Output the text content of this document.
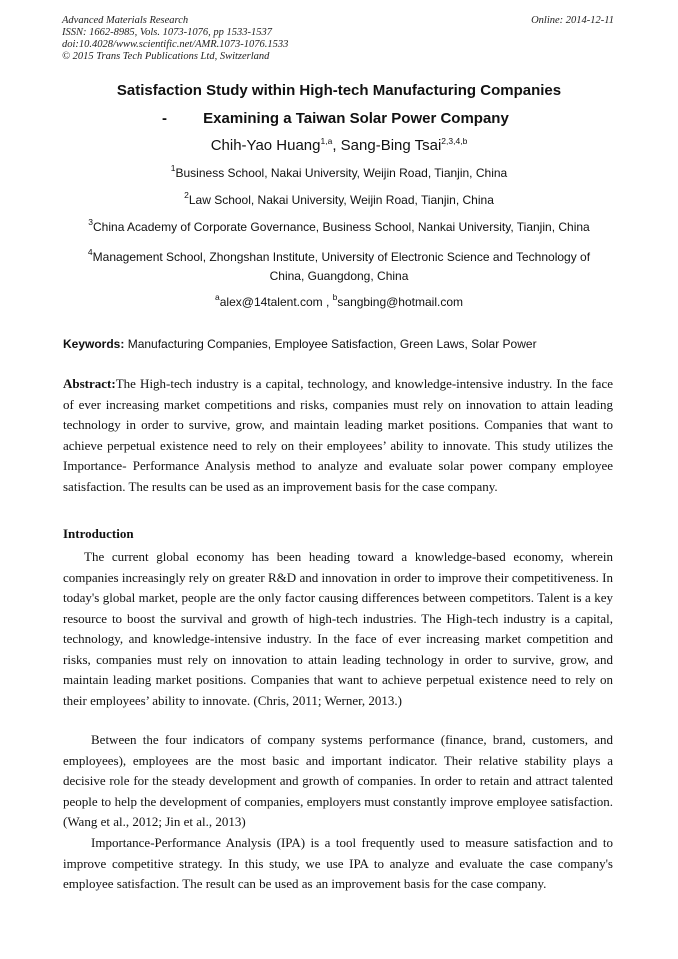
Advanced Materials Research
ISSN: 1662-8985, Vols. 1073-1076, pp 1533-1537
doi:10.4028/www.scientific.net/AMR.1073-1076.1533
© 2015 Trans Tech Publications Ltd, Switzerland
Online: 2014-12-11
Satisfaction Study within High-tech Manufacturing Companies
- Examining a Taiwan Solar Power Company
Chih-Yao Huang$^{1,a}$, Sang-Bing Tsai$^{2,3,4,b}$
$^1$Business School, Nakai University, Weijin Road, Tianjin, China
$^2$Law School, Nakai University, Weijin Road, Tianjin, China
$^3$China Academy of Corporate Governance, Business School, Nankai University, Tianjin, China
$^4$Management School, Zhongshan Institute, University of Electronic Science and Technology of
China, Guangdong, China
$^a$alex@14talent.com , $^b$sangbing@hotmail.com
Keywords: Manufacturing Companies, Employee Satisfaction, Green Laws, Solar Power
Abstract:The High-tech industry is a capital, technology, and knowledge-intensive industry. In the face of ever increasing market competitions and risks, companies must rely on innovation to attain leading technology in order to survive, grow, and maintain leading market positions. Companies that want to achieve perpetual existence need to rely on their employees’ ability to innovate. This study utilizes the Importance- Performance Analysis method to analyze and evaluate solar power company employee satisfaction. The results can be used as an improvement basis for the case company.
Introduction
The current global economy has been heading toward a knowledge-based economy, wherein companies increasingly rely on greater R&D and innovation in order to improve their competitiveness. In today's global market, people are the only factor causing differences between competitors. Talent is a key resource to boost the survival and growth of high-tech industries. The High-tech industry is a capital, technology, and knowledge-intensive industry. In the face of ever increasing market competition and risks, companies must rely on innovation to attain leading technology in order to survive, grow, and maintain leading market positions. Companies that want to achieve perpetual existence need to rely on their employees’ ability to innovate. (Chris, 2011; Werner, 2013.)
Between the four indicators of company systems performance (finance, brand, customers, and employees), employees are the most basic and important indicator. Their relative stability plays a decisive role for the steady development and growth of companies. In order to retain and attract talented people to help the development of companies, employers must constantly improve employee satisfaction. (Wang et al., 2012; Jin et al., 2013)
Importance-Performance Analysis (IPA) is a tool frequently used to measure satisfaction and to improve competitive strategy. In this study, we use IPA to analyze and evaluate the case company's employee satisfaction. The result can be used as an improvement basis for the case company.
